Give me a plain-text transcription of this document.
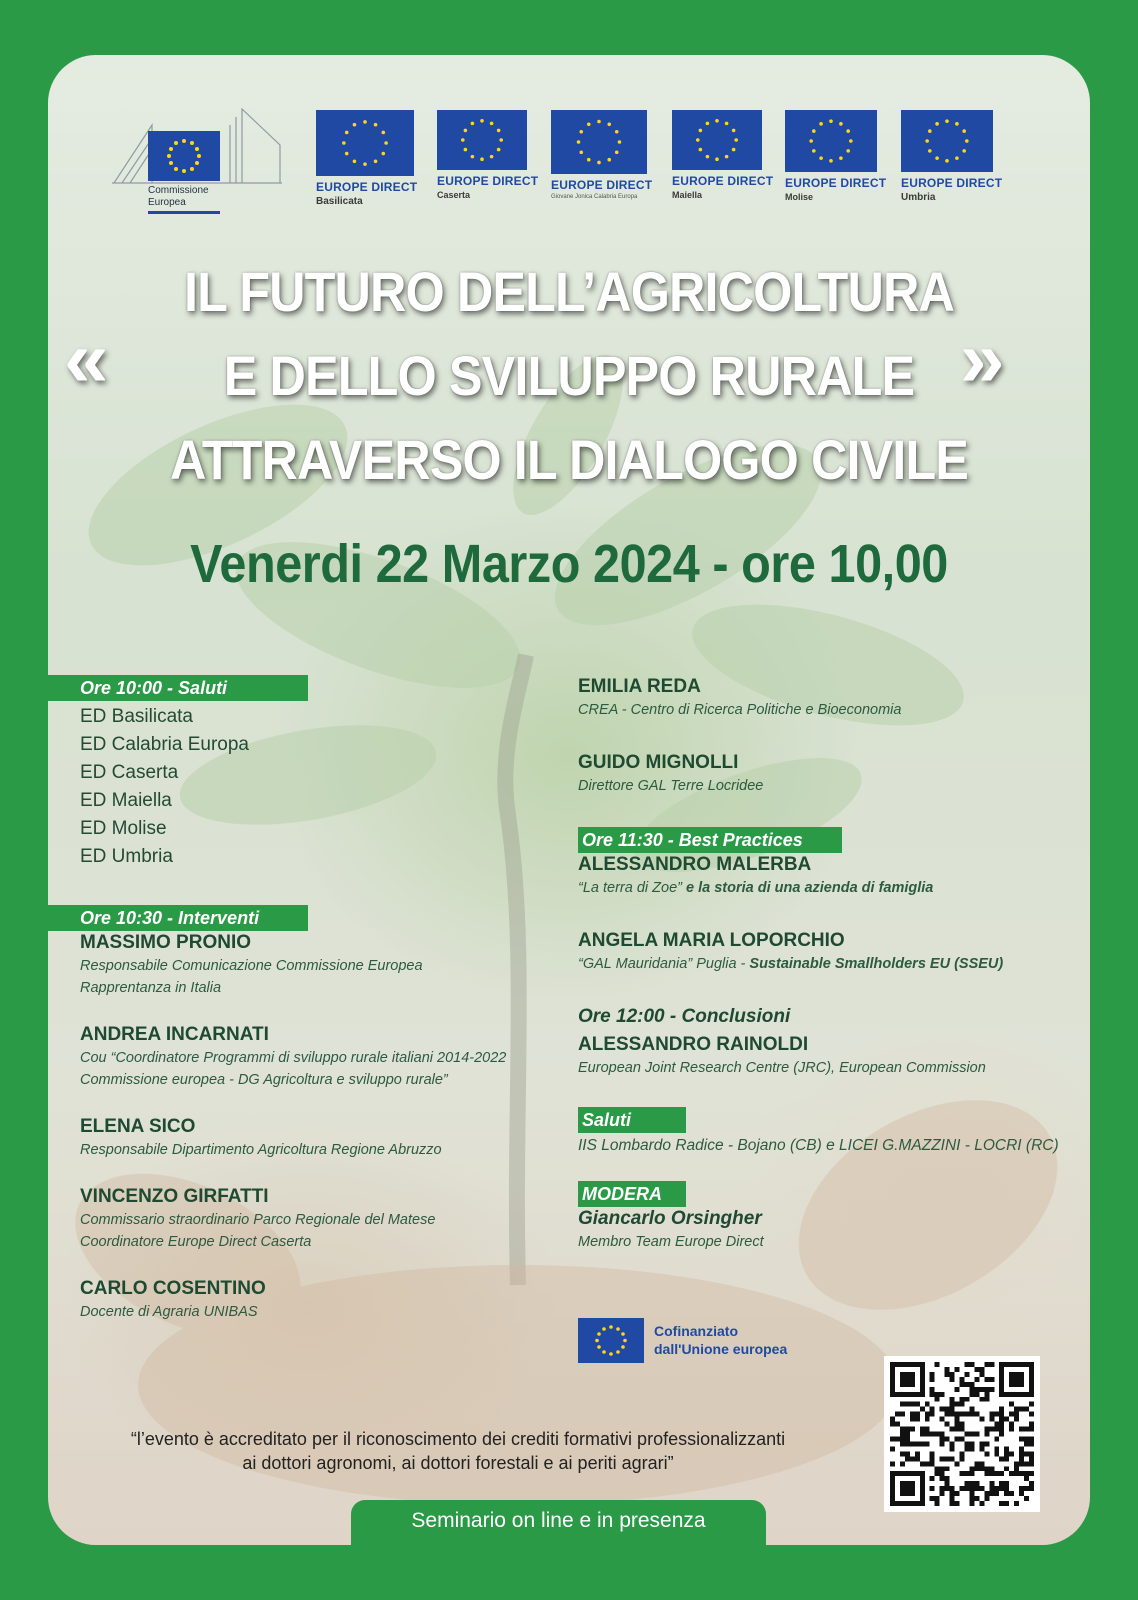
Commissione
Europea
EUROPE DIRECT
Basilicata
EUROPE DIRECT
Caserta
EUROPE DIRECT
Giovane Jonica Calabria Europa
EUROPE DIRECT
Maiella
EUROPE DIRECT
Molise
EUROPE DIRECT
Umbria
«	»
IL FUTURO DELL’AGRICOLTURA
E DELLO SVILUPPO RURALE
ATTRAVERSO IL DIALOGO CIVILE
Venerdi 22 Marzo 2024 - ore 10,00
Ore 10:00 - Saluti
ED Basilicata
ED Calabria Europa
ED Caserta
ED Maiella
ED Molise
ED Umbria
Ore 10:30 - Interventi
MASSIMO PRONIO
Responsabile Comunicazione Commissione Europea
Rapprentanza in Italia
ANDREA INCARNATI
Cou “Coordinatore Programmi di sviluppo rurale italiani 2014-2022
Commissione europea - DG Agricoltura e sviluppo rurale”
ELENA SICO
Responsabile Dipartimento Agricoltura Regione Abruzzo
VINCENZO GIRFATTI
Commissario straordinario Parco Regionale del Matese
Coordinatore Europe Direct Caserta
CARLO COSENTINO
Docente di Agraria UNIBAS
EMILIA REDA
CREA - Centro di Ricerca Politiche e Bioeconomia
GUIDO MIGNOLLI
Direttore GAL Terre Locridee
Ore 11:30 - Best Practices
ALESSANDRO MALERBA
“La terra di Zoe” e la storia di una azienda di famiglia
ANGELA MARIA LOPORCHIO
“GAL Mauridania” Puglia - Sustainable Smallholders EU (SSEU)
Ore 12:00 - Conclusioni
ALESSANDRO RAINOLDI
European Joint Research Centre (JRC), European Commission
Saluti
IIS Lombardo Radice - Bojano (CB) e LICEI G.MAZZINI - LOCRI (RC)
MODERA
Giancarlo Orsingher
Membro Team Europe Direct
Cofinanziato
dall'Unione europea
“l’evento è accreditato per il riconoscimento dei crediti formativi professionalizzanti
ai dottori agronomi, ai dottori forestali e ai periti agrari”
Seminario on line e in presenza
